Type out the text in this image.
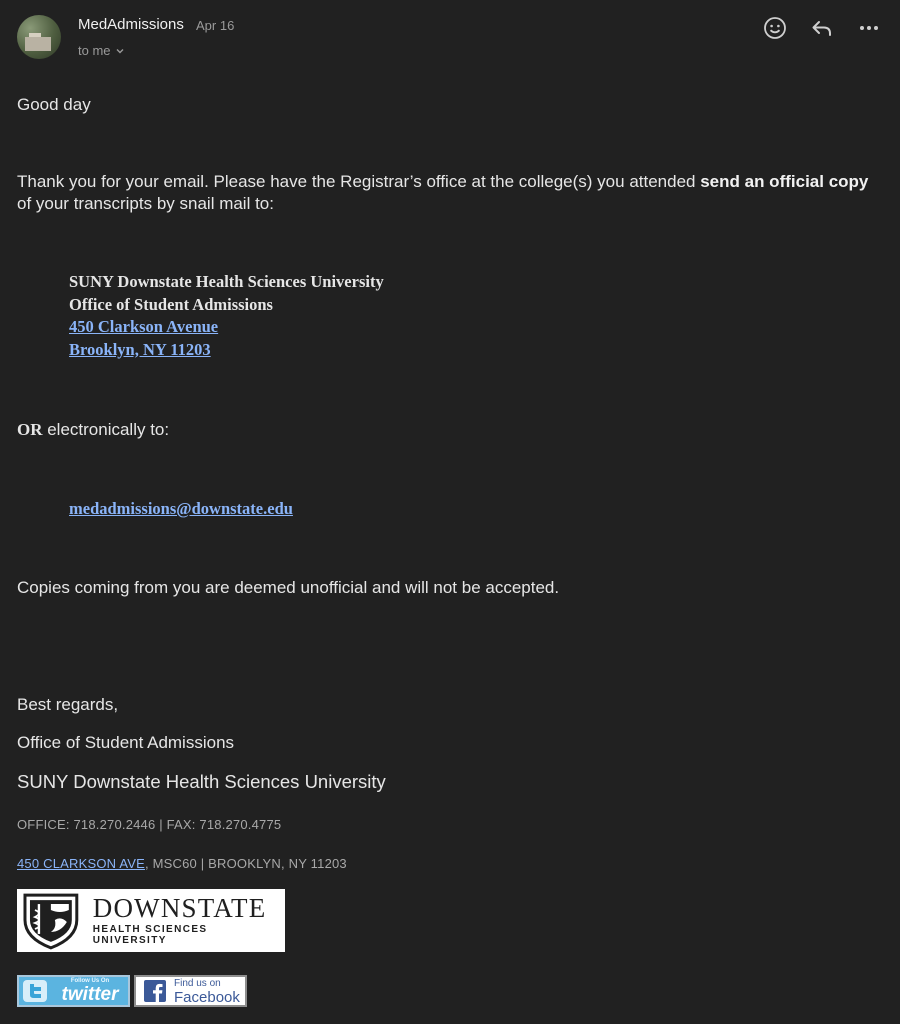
MedAdmissions Apr 16
to me
Good day
Thank you for your email. Please have the Registrar’s office at the college(s) you attended send an official copy of your transcripts by snail mail to:
SUNY Downstate Health Sciences University
Office of Student Admissions
450 Clarkson Avenue
Brooklyn, NY 11203
OR electronically to:
medadmissions@downstate.edu
Copies coming from you are deemed unofficial and will not be accepted.
Best regards,
Office of Student Admissions
SUNY Downstate Health Sciences University
OFFICE: 718.270.2446 | FAX: 718.270.4775
450 CLARKSON AVE, MSC60 | BROOKLYN, NY 11203
DOWNSTATE
HEALTH SCIENCES UNIVERSITY
Follow Us On
twitter
Find us on
Facebook
